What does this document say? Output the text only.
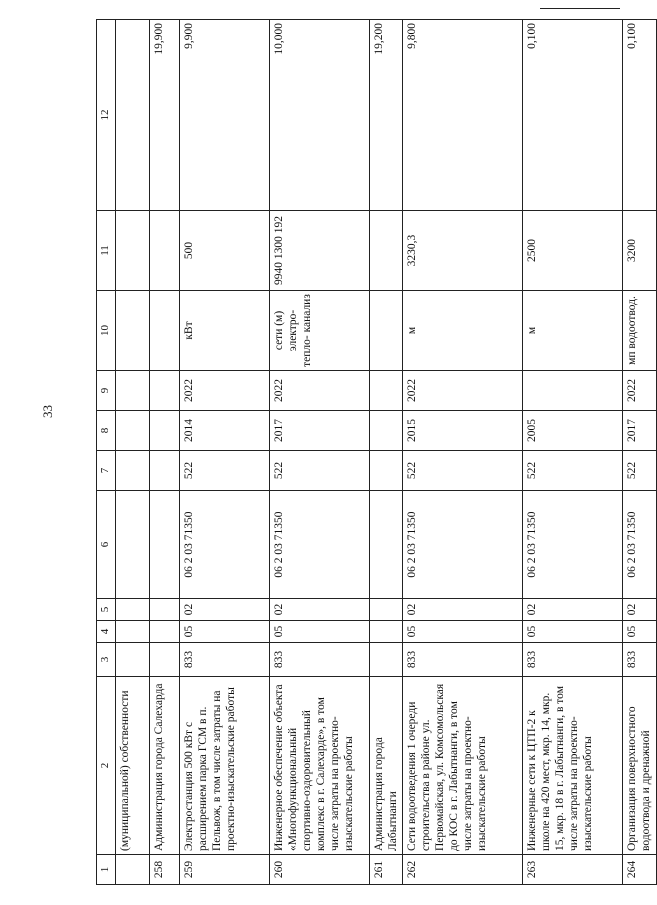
33
1	2	3	4	5	6	7	8	9	10	11	12
	(муниципальной) собственности										
258	Администрация города Салехарда										19,900
259	Электростанция 500 кВт с расширением парка ГСМ в п. Пельвож, в том числе затраты на проектно-изыскательские работы	833	05	02	06 2 03 71350	522	2014	2022	кВт	500	9,900
260	Инженерное обеспечение объекта «Многофункциональный спортивно-оздоровительный комплекс в г. Салехарде», в том числе затраты на проектно-изыскательские работы	833	05	02	06 2 03 71350	522	2017	2022	сети (м) электро- тепло- канализ	9940 1300 192	10,000
261	Администрация города Лабытнанги										19,200
262	Сети водоотведения 1 очереди строительства в районе ул. Первомайская, ул. Комсомольская до КОС в г. Лабытнанги, в том числе затраты на проектно-изыскательские работы	833	05	02	06 2 03 71350	522	2015	2022	м	3230,3	9,800
263	Инженерные сети к ЦТП-2 к школе на 420 мест, мкр. 14, мкр. 15, мкр. 18 в г. Лабытнанги, в том числе затраты на проектно-изыскательские работы	833	05	02	06 2 03 71350	522	2005		м	2500	0,100
264	Организация поверхностного водоотвода и дренажной	833	05	02	06 2 03 71350	522	2017	2022	мп водоотвод.	3200	0,100
